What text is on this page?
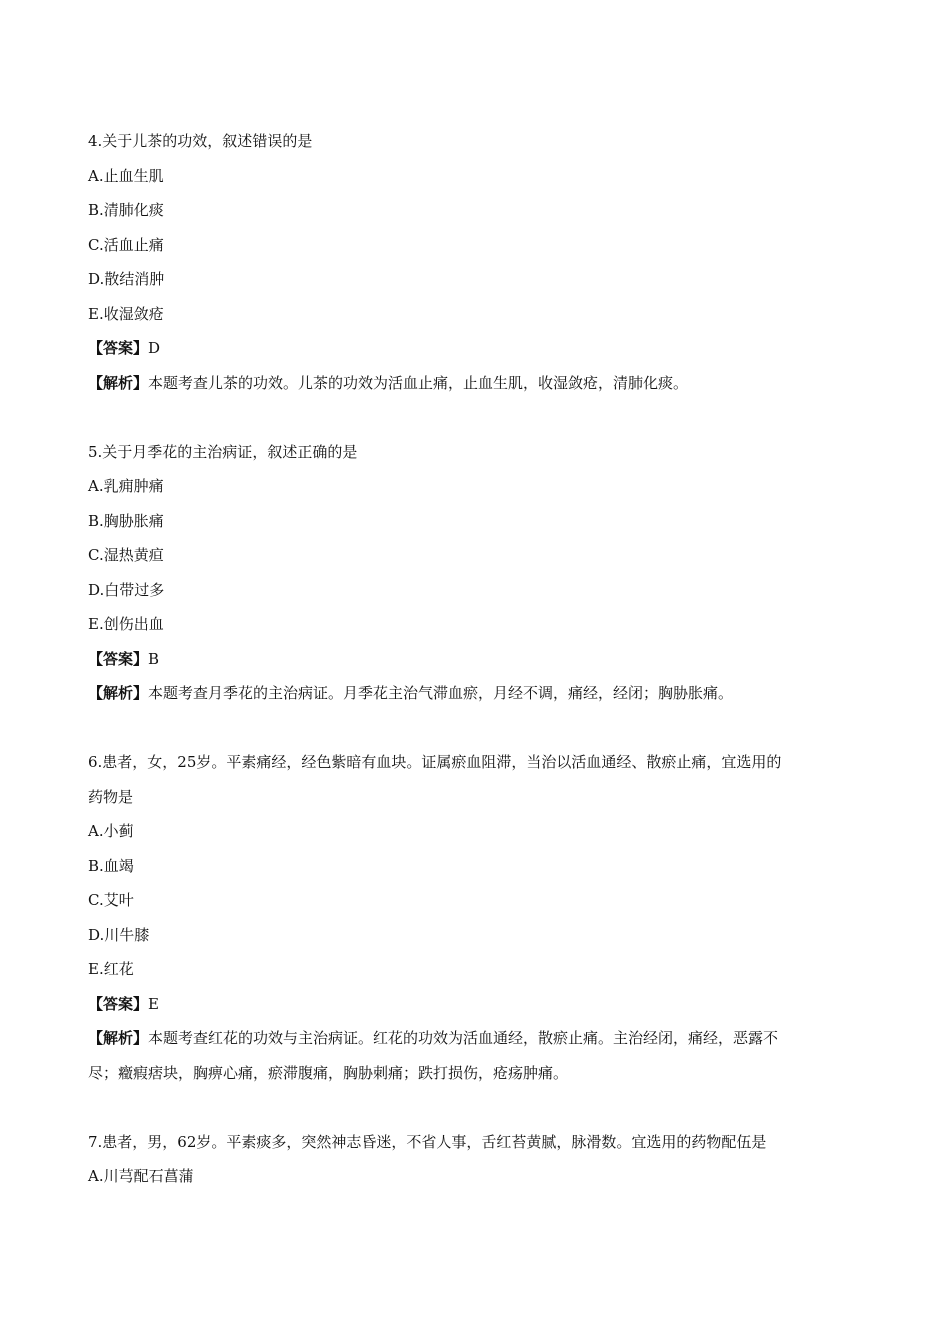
4.关于儿茶的功效，叙述错误的是
A.止血生肌
B.清肺化痰
C.活血止痛
D.散结消肿
E.收湿敛疮
【答案】D
【解析】本题考查儿茶的功效。儿茶的功效为活血止痛，止血生肌，收湿敛疮，清肺化痰。
5.关于月季花的主治病证，叙述正确的是
A.乳痈肿痛
B.胸胁胀痛
C.湿热黄疸
D.白带过多
E.创伤出血
【答案】B
【解析】本题考查月季花的主治病证。月季花主治气滞血瘀，月经不调，痛经，经闭；胸胁胀痛。
6.患者，女，25岁。平素痛经，经色紫暗有血块。证属瘀血阻滞，当治以活血通经、散瘀止痛，宜选用的
药物是
A.小蓟
B.血竭
C.艾叶
D.川牛膝
E.红花
【答案】E
【解析】本题考查红花的功效与主治病证。红花的功效为活血通经，散瘀止痛。主治经闭，痛经，恶露不
尽；癥瘕痞块，胸痹心痛，瘀滞腹痛，胸胁刺痛；跌打损伤，疮疡肿痛。
7.患者，男，62岁。平素痰多，突然神志昏迷，不省人事，舌红苔黄腻，脉滑数。宜选用的药物配伍是
A.川芎配石菖蒲
